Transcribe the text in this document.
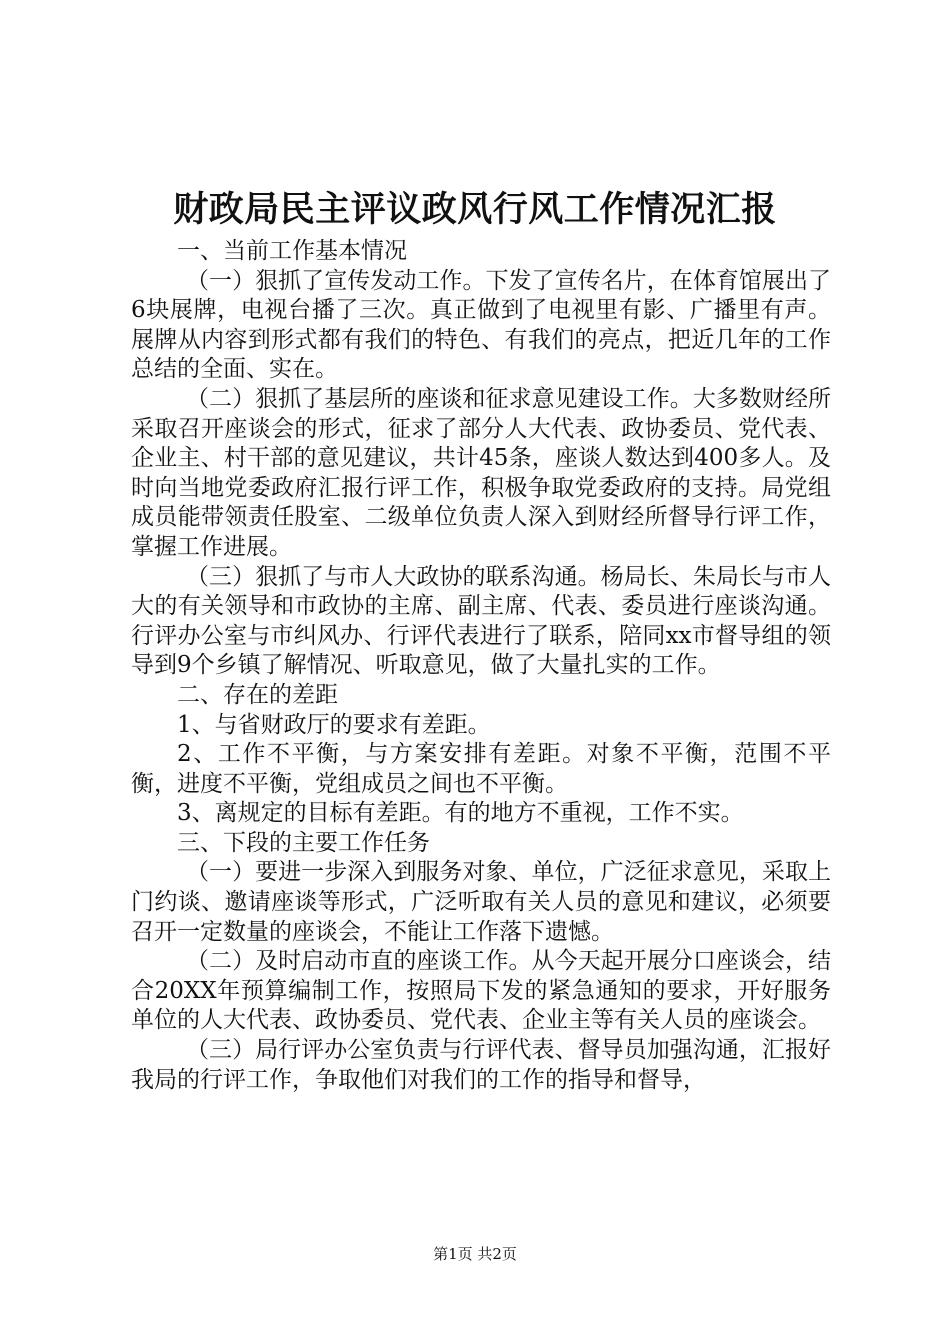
财政局民主评议政风行风工作情况汇报

一、当前工作基本情况

（一）狠抓了宣传发动工作。下发了宣传名片，在体育馆展出了6块展牌，电视台播了三次。真正做到了电视里有影、广播里有声。展牌从内容到形式都有我们的特色、有我们的亮点，把近几年的工作总结的全面、实在。

（二）狠抓了基层所的座谈和征求意见建设工作。大多数财经所采取召开座谈会的形式，征求了部分人大代表、政协委员、党代表、企业主、村干部的意见建议，共计45条，座谈人数达到400多人。及时向当地党委政府汇报行评工作，积极争取党委政府的支持。局党组成员能带领责任股室、二级单位负责人深入到财经所督导行评工作，掌握工作进展。

（三）狠抓了与市人大政协的联系沟通。杨局长、朱局长与市人大的有关领导和市政协的主席、副主席、代表、委员进行座谈沟通。行评办公室与市纠风办、行评代表进行了联系，陪同xx市督导组的领导到9个乡镇了解情况、听取意见，做了大量扎实的工作。

二、存在的差距

1、与省财政厅的要求有差距。

2、工作不平衡，与方案安排有差距。对象不平衡，范围不平衡，进度不平衡，党组成员之间也不平衡。

3、离规定的目标有差距。有的地方不重视，工作不实。

三、下段的主要工作任务

（一）要进一步深入到服务对象、单位，广泛征求意见，采取上门约谈、邀请座谈等形式，广泛听取有关人员的意见和建议，必须要召开一定数量的座谈会，不能让工作落下遗憾。

（二）及时启动市直的座谈工作。从今天起开展分口座谈会，结合20XX年预算编制工作，按照局下发的紧急通知的要求，开好服务单位的人大代表、政协委员、党代表、企业主等有关人员的座谈会。

（三）局行评办公室负责与行评代表、督导员加强沟通，汇报好我局的行评工作，争取他们对我们的工作的指导和督导，

第1页 共2页
